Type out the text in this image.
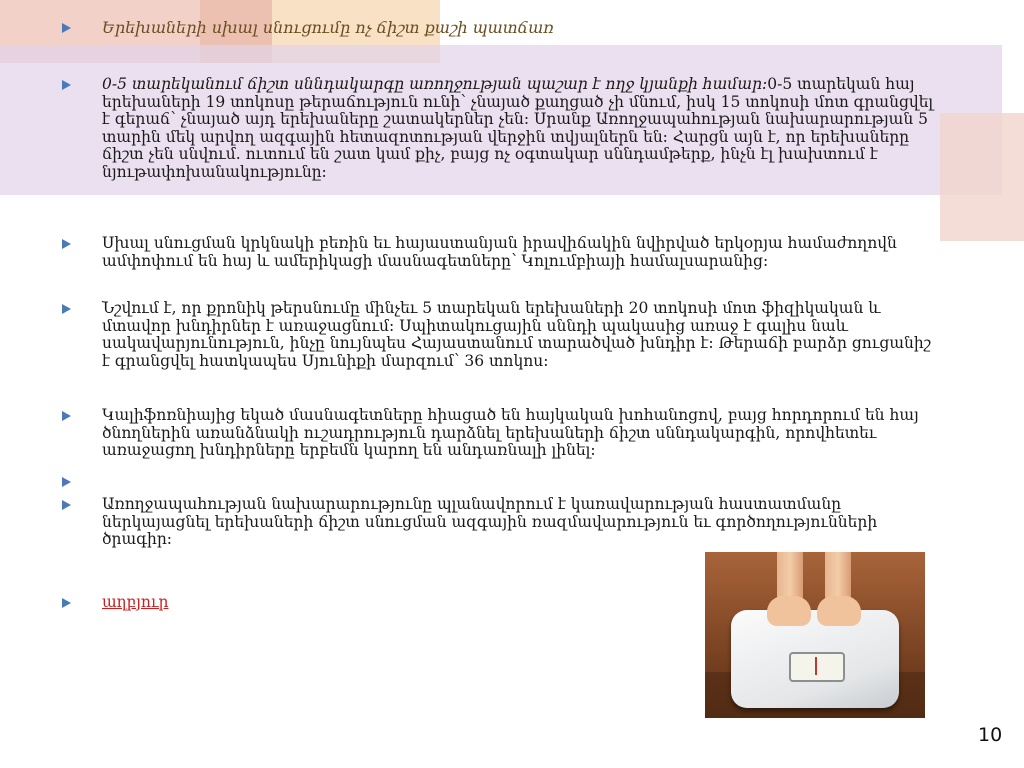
Երեխաների սխալ սնուցումը ոչ ճիշտ քաշի պատճառ
0-5 տարեկանում ճիշտ սննդակարգը առողջության պաշար է ողջ կյանքի համար։0-5 տարեկան հայ երեխաների 19 տոկոսը թերաճություն ունի՝ չնայած քաղցած չի մնում, իսկ 15 տոկոսի մոտ գրանցվել է գերաճ՝ չնայած այդ երեխաները շատակերներ չեն։ Սրանք Առողջապահության նախարարության 5 տարին մեկ արվող ազգային հետազոտության վերջին տվյալներն են։ Հարցն այն է, որ երեխաները ճիշտ չեն սնվում. ուտում են շատ կամ քիչ, բայց ոչ օգտակար սննդամթերք, ինչն էլ խախտում է նյութափոխանակությունը։
Սխալ սնուցման կրկնակի բեռին եւ հայաստանյան իրավիճակին նվիրված երկօրյա համաժողովն ամփոփում են հայ և ամերիկացի մասնագետները՝ Կոլումբիայի համալսարանից։
Նշվում է, որ քրոնիկ թերսնումը մինչեւ 5 տարեկան երեխաների 20 տոկոսի մոտ ֆիզիկական և մտավոր խնդիրներ է առաջացնում։ Սպիտակուցային սննդի պակասից առաջ է գալիս նաև սակավարյունություն, ինչը նույնպես Հայաստանում տարածված խնդիր է։ Թերաճի բարձր ցուցանիշ է գրանցվել հատկապես Սյունիքի մարզում՝ 36 տոկոս։
Կալիֆոռնիայից եկած մասնագետները հիացած են հայկական խոհանոցով, բայց հորդորում են հայ ծնողներին առանձնակի ուշադրություն դարձնել երեխաների ճիշտ սննդակարգին, որովհետեւ առաջացող խնդիրները երբեմն կարող են անդառնալի լինել։
Առողջապահության նախարարությունը պլանավորում է կառավարության հաստատմանը ներկայացնել երեխաների ճիշտ սնուցման ազգային ռազմավարություն եւ գործողությունների ծրագիր։
աղբյուր
10
